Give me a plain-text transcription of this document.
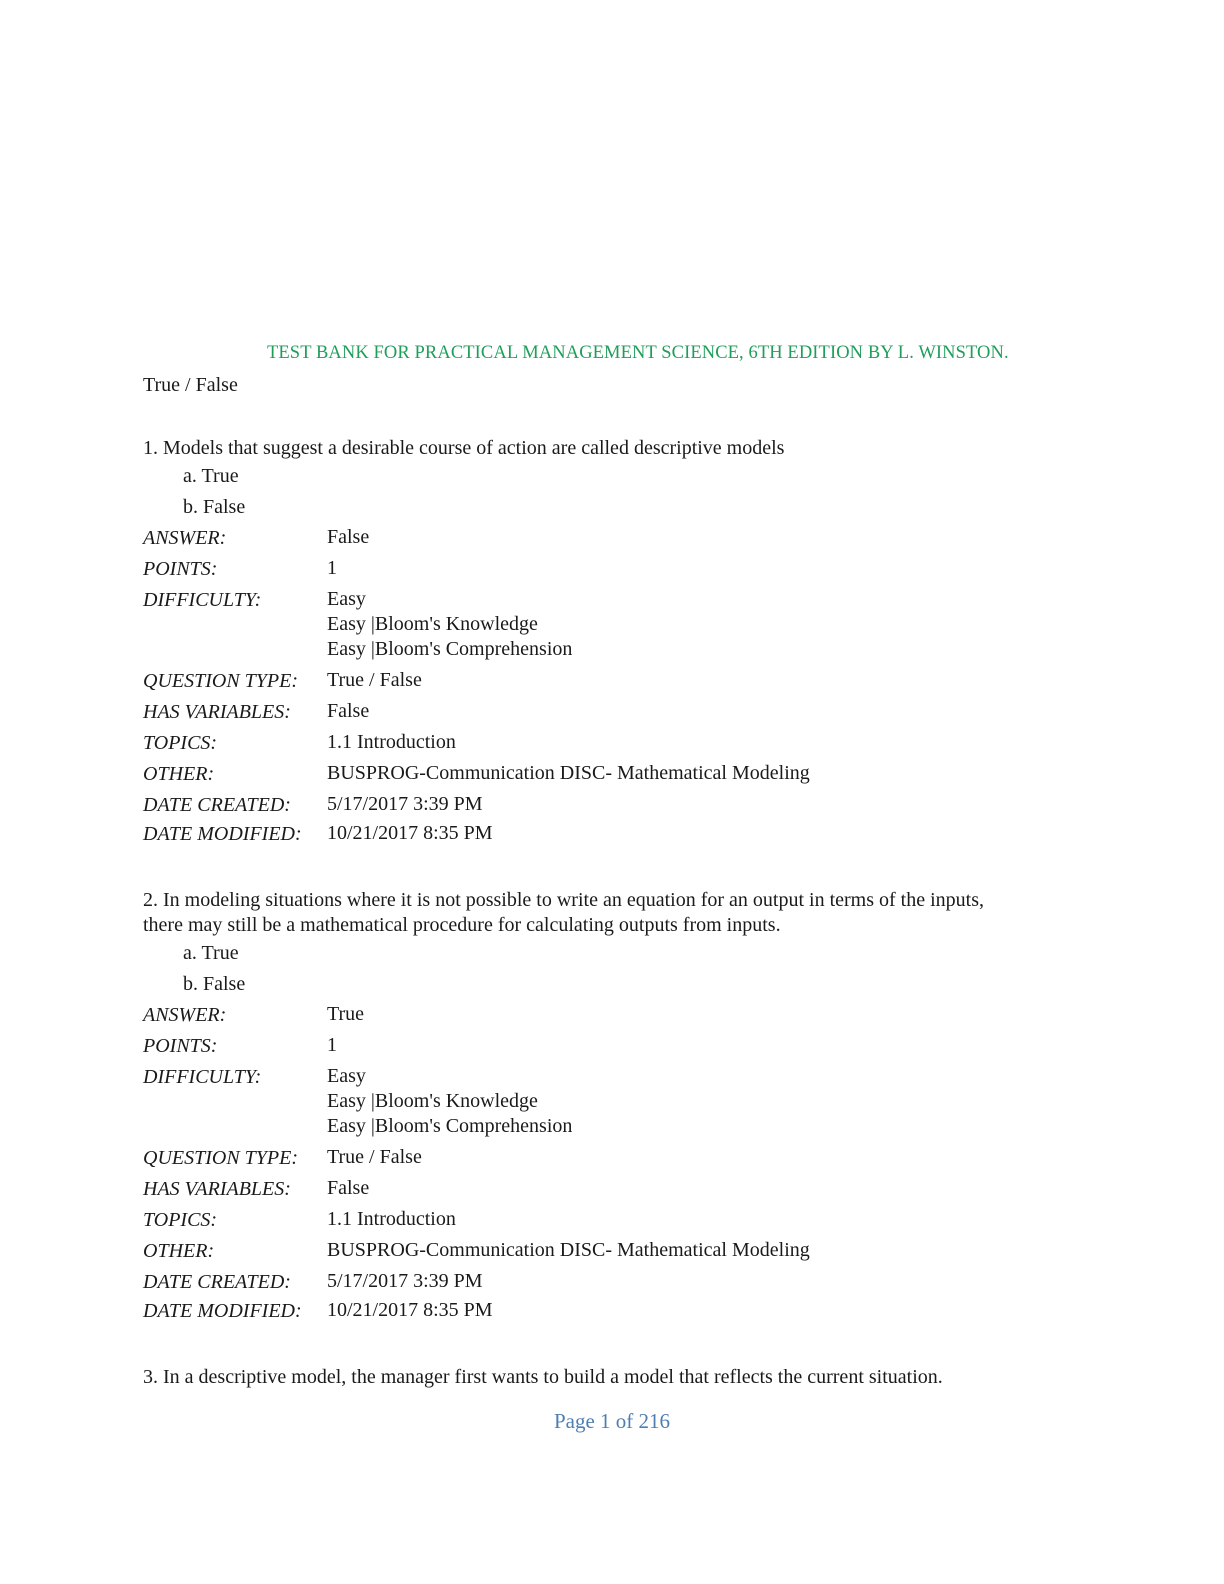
TEST BANK FOR PRACTICAL MANAGEMENT SCIENCE, 6TH EDITION BY L. WINSTON.
True / False
1. Models that suggest a desirable course of action are called descriptive models
a. True
b. False
ANSWER:	False
POINTS:	1
DIFFICULTY:	Easy
Easy |Bloom's Knowledge
Easy |Bloom's Comprehension
QUESTION TYPE: True / False
HAS VARIABLES: False
TOPICS:	1.1 Introduction
OTHER:	BUSPROG-Communication DISC- Mathematical Modeling
DATE CREATED: 5/17/2017 3:39 PM
DATE MODIFIED: 10/21/2017 8:35 PM
2. In modeling situations where it is not possible to write an equation for an output in terms of the inputs,
there may still be a mathematical procedure for calculating outputs from inputs.
a. True
b. False
ANSWER:	True
POINTS:	1
DIFFICULTY:	Easy
Easy |Bloom's Knowledge
Easy |Bloom's Comprehension
QUESTION TYPE: True / False
HAS VARIABLES: False
TOPICS:	1.1 Introduction
OTHER:	BUSPROG-Communication DISC- Mathematical Modeling
DATE CREATED: 5/17/2017 3:39 PM
DATE MODIFIED: 10/21/2017 8:35 PM
3. In a descriptive model, the manager first wants to build a model that reflects the current situation.
Page 1 of 216
